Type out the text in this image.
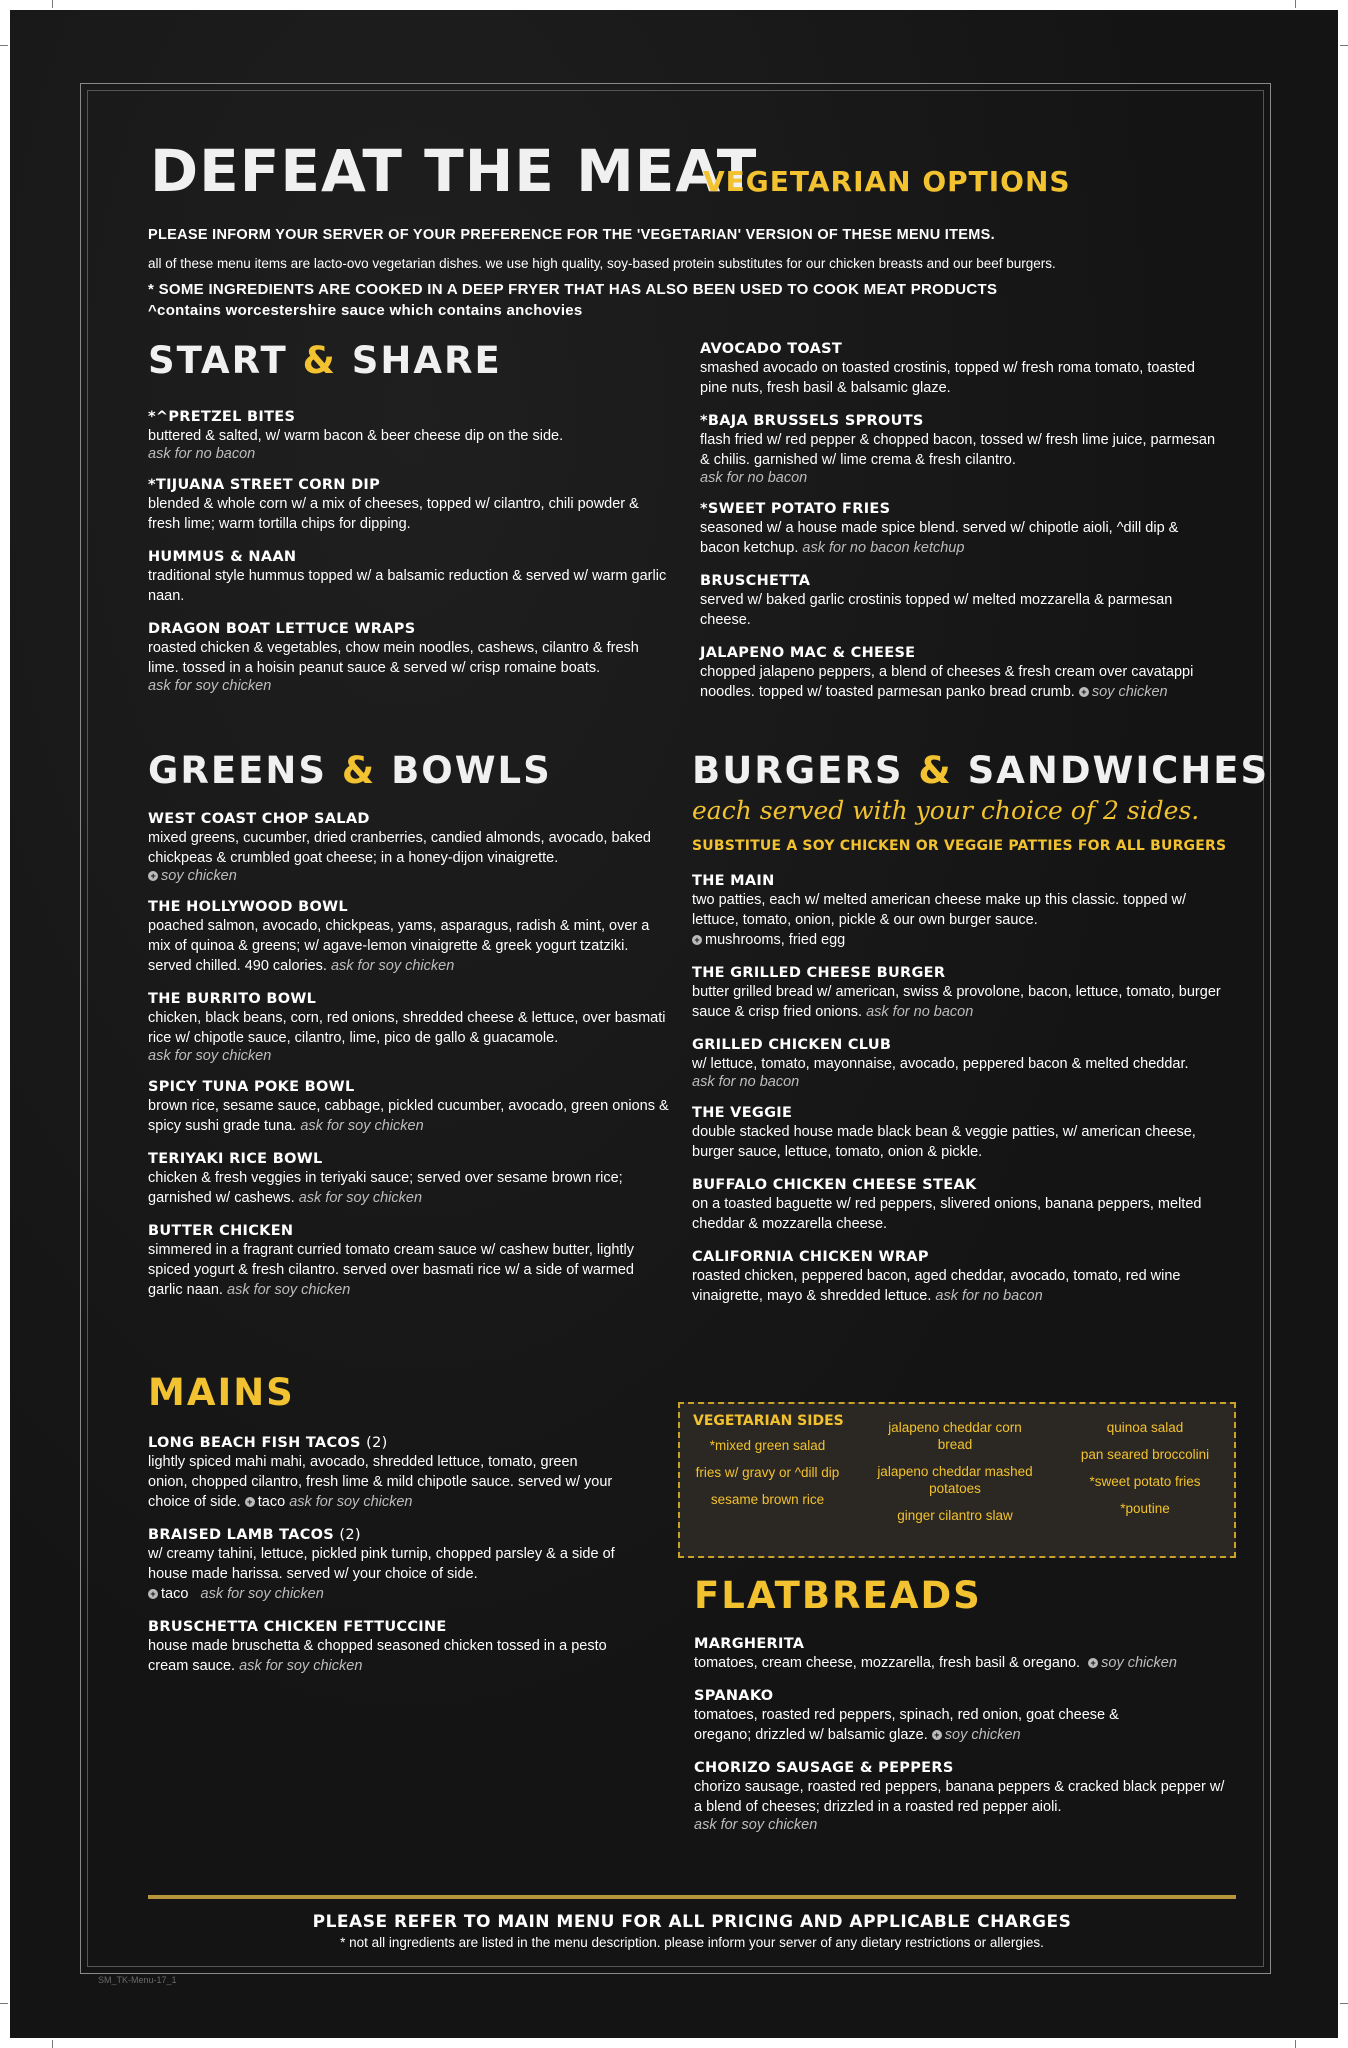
DEFEAT THE MEAT
VEGETARIAN OPTIONS
PLEASE INFORM YOUR SERVER OF YOUR PREFERENCE FOR THE 'VEGETARIAN' VERSION OF THESE MENU ITEMS.
all of these menu items are lacto-ovo vegetarian dishes. we use high quality, soy-based protein substitutes for our chicken breasts and our beef burgers.
* SOME INGREDIENTS ARE COOKED IN A DEEP FRYER THAT HAS ALSO BEEN USED TO COOK MEAT PRODUCTS
^contains worcestershire sauce which contains anchovies
START & SHARE
*^PRETZEL BITES
buttered & salted, w/ warm bacon & beer cheese dip on the side.
ask for no bacon
*TIJUANA STREET CORN DIP
blended & whole corn w/ a mix of cheeses, topped w/ cilantro, chili powder & fresh lime; warm tortilla chips for dipping.
HUMMUS & NAAN
traditional style hummus topped w/ a balsamic reduction & served w/ warm garlic naan.
DRAGON BOAT LETTUCE WRAPS
roasted chicken & vegetables, chow mein noodles, cashews, cilantro & fresh lime. tossed in a hoisin peanut sauce & served w/ crisp romaine boats.
ask for soy chicken
AVOCADO TOAST
smashed avocado on toasted crostinis, topped w/ fresh roma tomato, toasted pine nuts, fresh basil & balsamic glaze.
*BAJA BRUSSELS SPROUTS
flash fried w/ red pepper & chopped bacon, tossed w/ fresh lime juice, parmesan & chilis. garnished w/ lime crema & fresh cilantro.
ask for no bacon
*SWEET POTATO FRIES
seasoned w/ a house made spice blend. served w/ chipotle aioli, ^dill dip & bacon ketchup. ask for no bacon ketchup
BRUSCHETTA
served w/ baked garlic crostinis topped w/ melted mozzarella & parmesan cheese.
JALAPENO MAC & CHEESE
chopped jalapeno peppers, a blend of cheeses & fresh cream over cavatappi noodles. topped w/ toasted parmesan panko bread crumb. + soy chicken
GREENS & BOWLS
WEST COAST CHOP SALAD
mixed greens, cucumber, dried cranberries, candied almonds, avocado, baked chickpeas & crumbled goat cheese; in a honey-dijon vinaigrette.
+ soy chicken
THE HOLLYWOOD BOWL
poached salmon, avocado, chickpeas, yams, asparagus, radish & mint, over a mix of quinoa & greens; w/ agave-lemon vinaigrette & greek yogurt tzatziki. served chilled. 490 calories. ask for soy chicken
THE BURRITO BOWL
chicken, black beans, corn, red onions, shredded cheese & lettuce, over basmati rice w/ chipotle sauce, cilantro, lime, pico de gallo & guacamole.
ask for soy chicken
SPICY TUNA POKE BOWL
brown rice, sesame sauce, cabbage, pickled cucumber, avocado, green onions & spicy sushi grade tuna. ask for soy chicken
TERIYAKI RICE BOWL
chicken & fresh veggies in teriyaki sauce; served over sesame brown rice; garnished w/ cashews. ask for soy chicken
BUTTER CHICKEN
simmered in a fragrant curried tomato cream sauce w/ cashew butter, lightly spiced yogurt & fresh cilantro. served over basmati rice w/ a side of warmed garlic naan. ask for soy chicken
BURGERS & SANDWICHES
each served with your choice of 2 sides.
SUBSTITUE A SOY CHICKEN OR VEGGIE PATTIES FOR ALL BURGERS
THE MAIN
two patties, each w/ melted american cheese make up this classic. topped w/ lettuce, tomato, onion, pickle & our own burger sauce.
+ mushrooms, fried egg
THE GRILLED CHEESE BURGER
butter grilled bread w/ american, swiss & provolone, bacon, lettuce, tomato, burger sauce & crisp fried onions. ask for no bacon
GRILLED CHICKEN CLUB
w/ lettuce, tomato, mayonnaise, avocado, peppered bacon & melted cheddar.
ask for no bacon
THE VEGGIE
double stacked house made black bean & veggie patties, w/ american cheese, burger sauce, lettuce, tomato, onion & pickle.
BUFFALO CHICKEN CHEESE STEAK
on a toasted baguette w/ red peppers, slivered onions, banana peppers, melted cheddar & mozzarella cheese.
CALIFORNIA CHICKEN WRAP
roasted chicken, peppered bacon, aged cheddar, avocado, tomato, red wine vinaigrette, mayo & shredded lettuce. ask for no bacon
MAINS
LONG BEACH FISH TACOS (2)
lightly spiced mahi mahi, avocado, shredded lettuce, tomato, green onion, chopped cilantro, fresh lime & mild chipotle sauce. served w/ your choice of side. + taco ask for soy chicken
BRAISED LAMB TACOS (2)
w/ creamy tahini, lettuce, pickled pink turnip, chopped parsley & a side of house made harissa. served w/ your choice of side.
+ taco ask for soy chicken
BRUSCHETTA CHICKEN FETTUCCINE
house made bruschetta & chopped seasoned chicken tossed in a pesto cream sauce. ask for soy chicken
VEGETARIAN SIDES
*mixed green salad
fries w/ gravy or ^dill dip
sesame brown rice
jalapeno cheddar corn bread
jalapeno cheddar mashed potatoes
ginger cilantro slaw
quinoa salad
pan seared broccolini
*sweet potato fries
*poutine
FLATBREADS
MARGHERITA
tomatoes, cream cheese, mozzarella, fresh basil & oregano. + soy chicken
SPANAKO
tomatoes, roasted red peppers, spinach, red onion, goat cheese & oregano; drizzled w/ balsamic glaze. + soy chicken
CHORIZO SAUSAGE & PEPPERS
chorizo sausage, roasted red peppers, banana peppers & cracked black pepper w/ a blend of cheeses; drizzled in a roasted red pepper aioli.
ask for soy chicken
PLEASE REFER TO MAIN MENU FOR ALL PRICING AND APPLICABLE CHARGES
* not all ingredients are listed in the menu description. please inform your server of any dietary restrictions or allergies.
SM_TK-Menu-17_1
